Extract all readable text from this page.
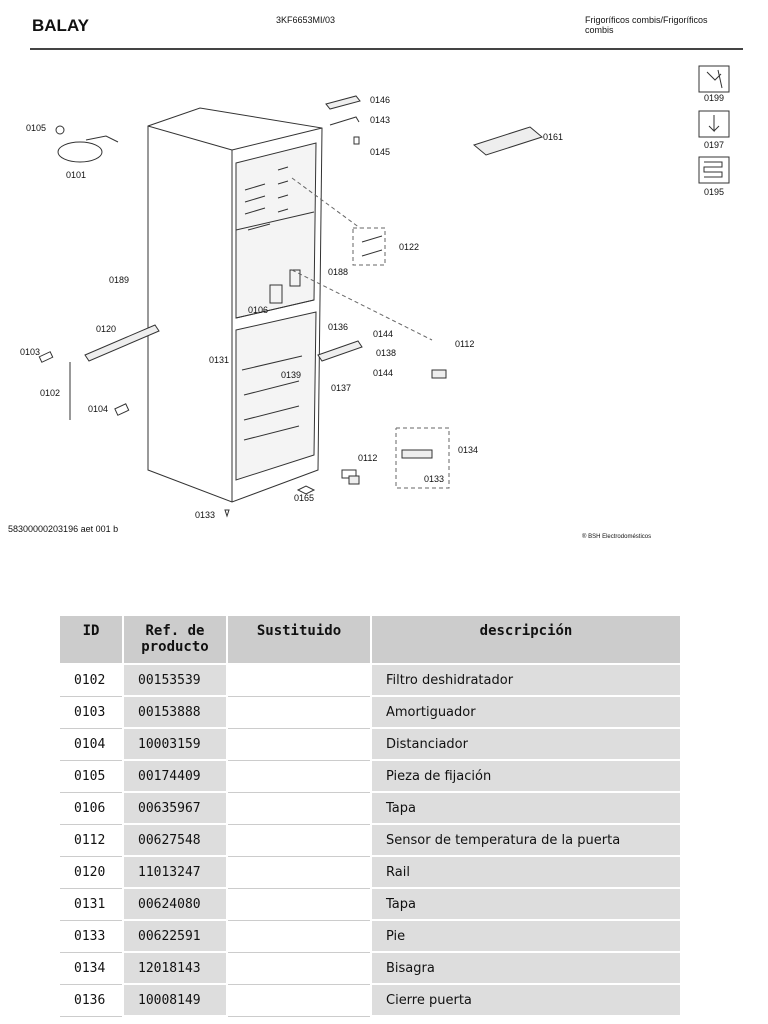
BALAY	3KF6653MI/03	Frigoríficos combis/Frigoríficos combis
0105
0101
0189
0120
0103
0102
0104
0146
0143
0145
0161
0122
0188
0106
0136
0144
0138
0144
0137
0131
0139
0112
0112
0134
0133
0165
0133
0199
0197
0195
58300000203196 aet 001 b
® BSH Electrodomésticos
ID	Ref. de producto	Sustituido	descripción
0102	00153539		Filtro deshidratador
0103	00153888		Amortiguador
0104	10003159		Distanciador
0105	00174409		Pieza de fijación
0106	00635967		Tapa
0112	00627548		Sensor de temperatura de la puerta
0120	11013247		Rail
0131	00624080		Tapa
0133	00622591		Pie
0134	12018143		Bisagra
0136	10008149		Cierre puerta
